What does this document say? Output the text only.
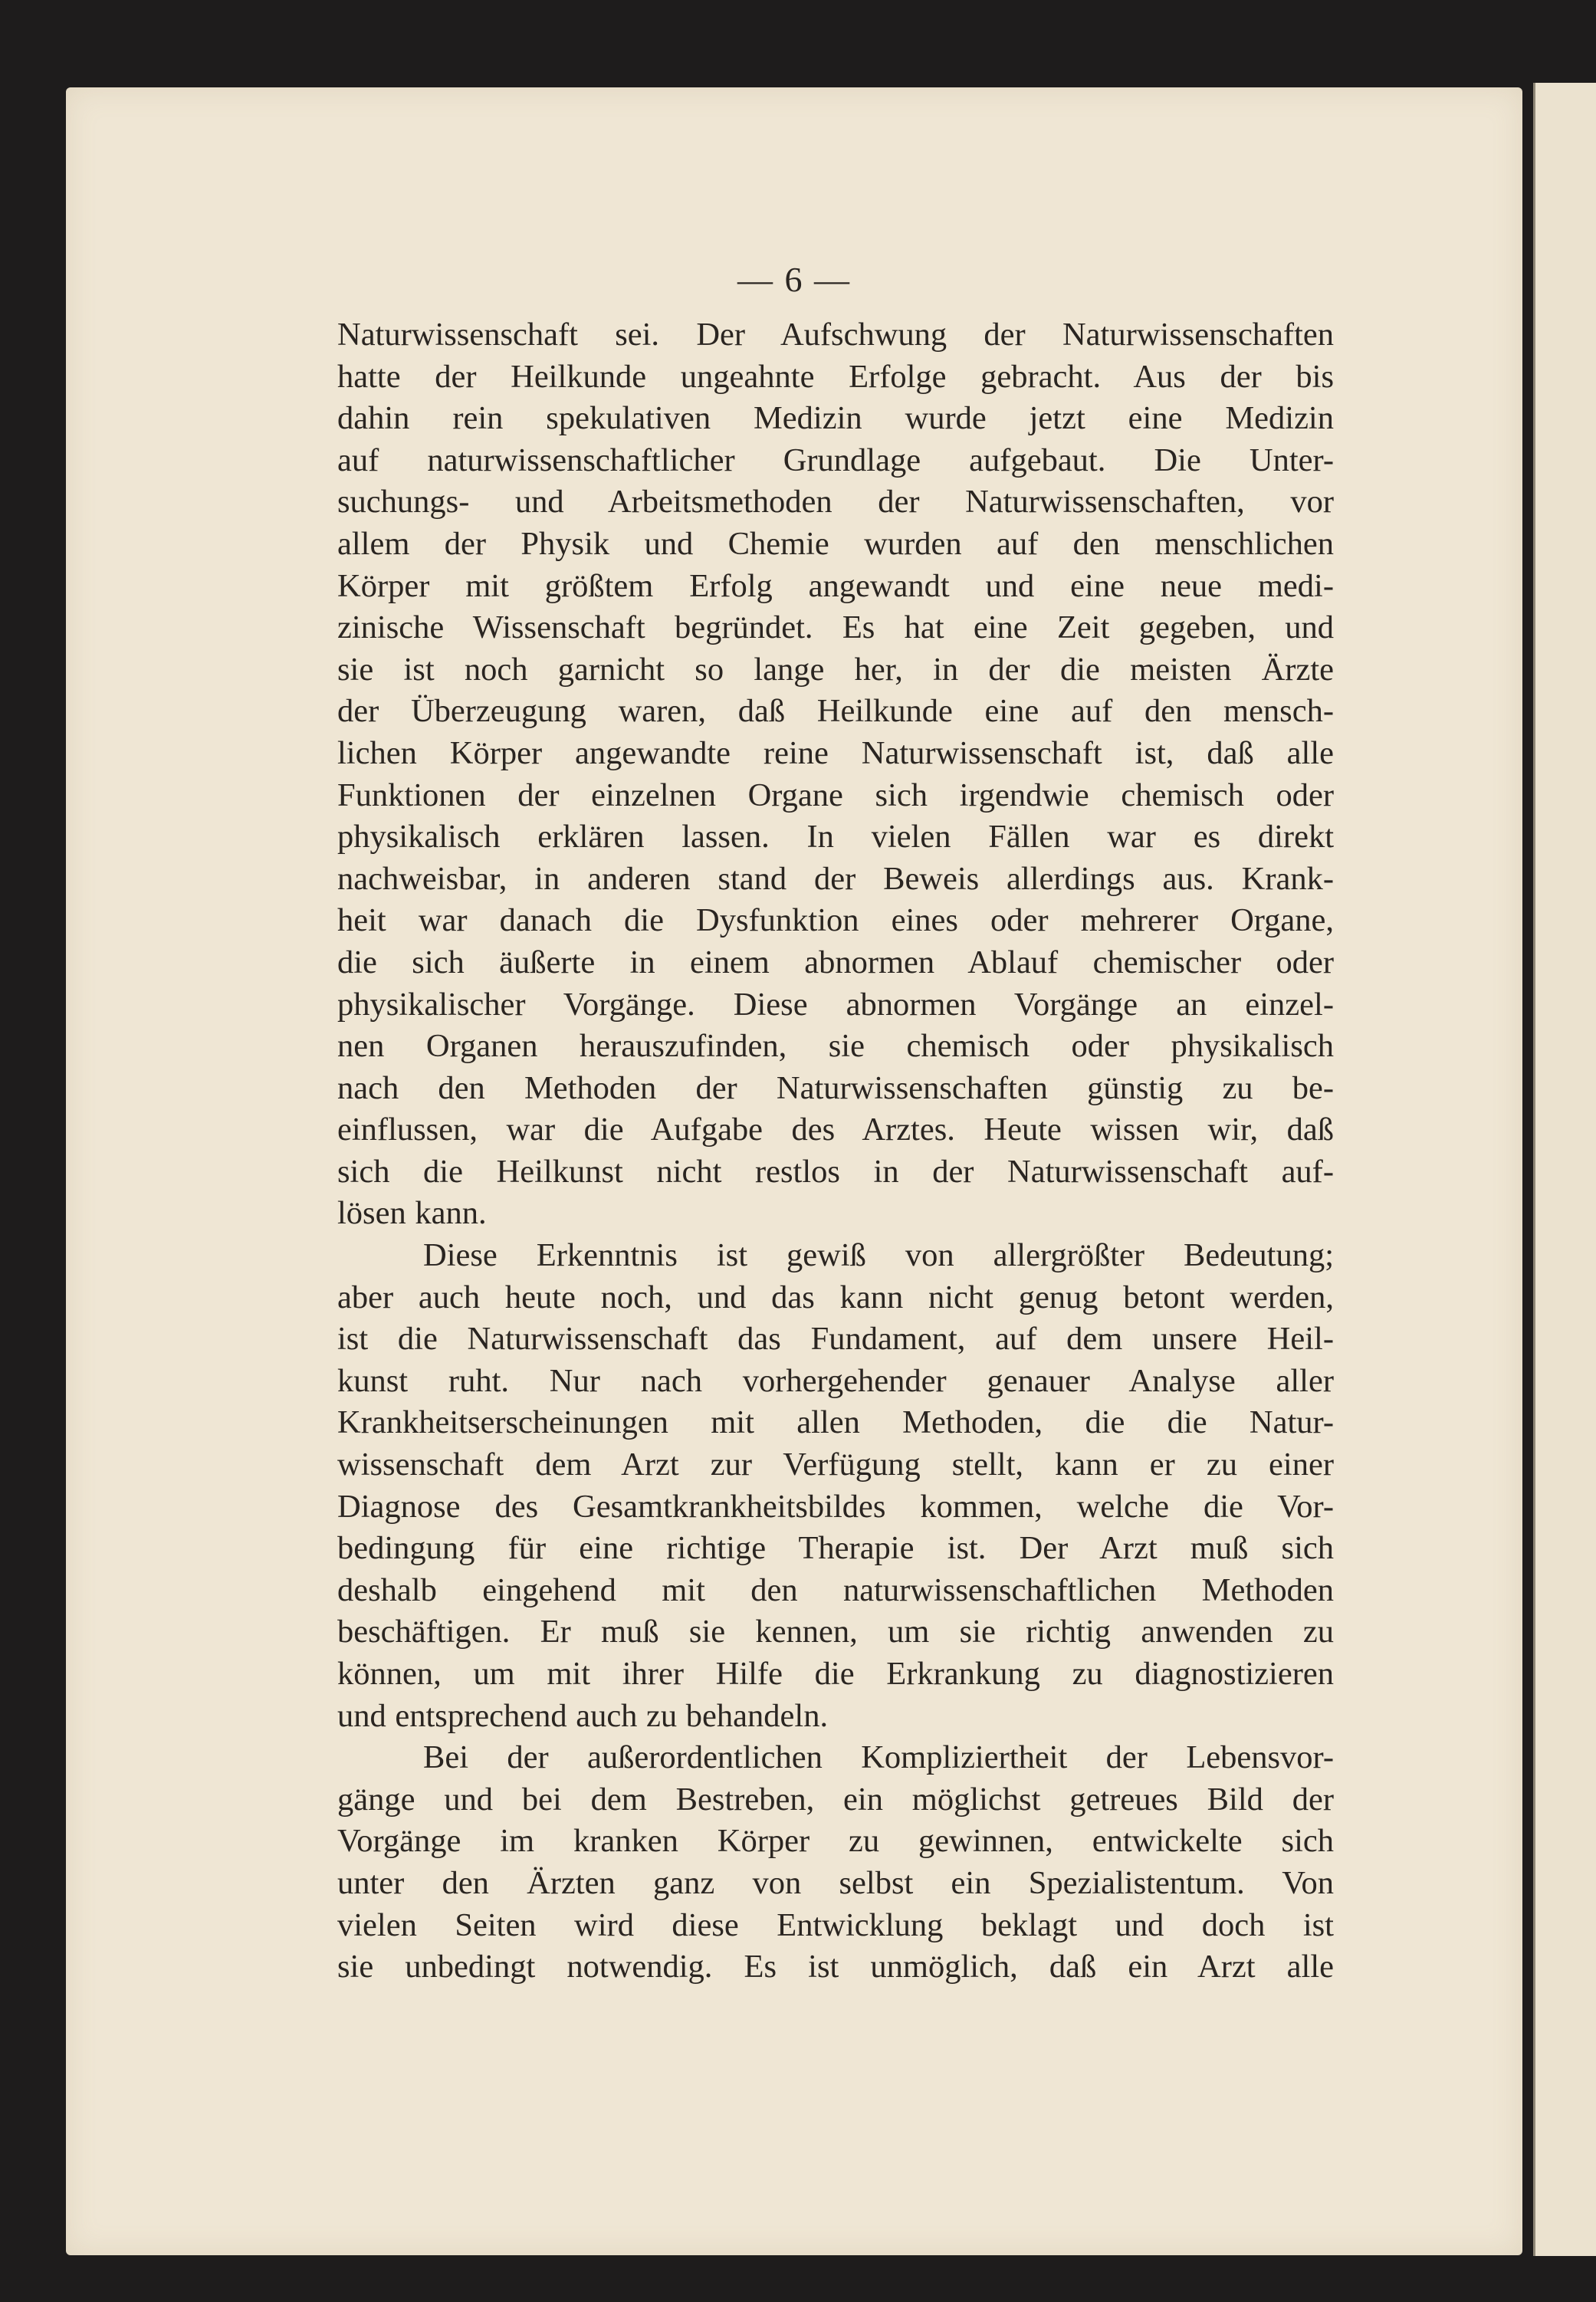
— 6 —
Naturwissenschaft sei. Der Aufschwung der Naturwissenschaften
hatte der Heilkunde ungeahnte Erfolge gebracht. Aus der bis
dahin rein spekulativen Medizin wurde jetzt eine Medizin
auf naturwissenschaftlicher Grundlage aufgebaut. Die Unter-
suchungs- und Arbeitsmethoden der Naturwissenschaften, vor
allem der Physik und Chemie wurden auf den menschlichen
Körper mit größtem Erfolg angewandt und eine neue medi-
zinische Wissenschaft begründet. Es hat eine Zeit gegeben, und
sie ist noch garnicht so lange her, in der die meisten Ärzte
der Überzeugung waren, daß Heilkunde eine auf den mensch-
lichen Körper angewandte reine Naturwissenschaft ist, daß alle
Funktionen der einzelnen Organe sich irgendwie chemisch oder
physikalisch erklären lassen. In vielen Fällen war es direkt
nachweisbar, in anderen stand der Beweis allerdings aus. Krank-
heit war danach die Dysfunktion eines oder mehrerer Organe,
die sich äußerte in einem abnormen Ablauf chemischer oder
physikalischer Vorgänge. Diese abnormen Vorgänge an einzel-
nen Organen herauszufinden, sie chemisch oder physikalisch
nach den Methoden der Naturwissenschaften günstig zu be-
einflussen, war die Aufgabe des Arztes. Heute wissen wir, daß
sich die Heilkunst nicht restlos in der Naturwissenschaft auf-
lösen kann.
Diese Erkenntnis ist gewiß von allergrößter Bedeutung;
aber auch heute noch, und das kann nicht genug betont werden,
ist die Naturwissenschaft das Fundament, auf dem unsere Heil-
kunst ruht. Nur nach vorhergehender genauer Analyse aller
Krankheitserscheinungen mit allen Methoden, die die Natur-
wissenschaft dem Arzt zur Verfügung stellt, kann er zu einer
Diagnose des Gesamtkrankheitsbildes kommen, welche die Vor-
bedingung für eine richtige Therapie ist. Der Arzt muß sich
deshalb eingehend mit den naturwissenschaftlichen Methoden
beschäftigen. Er muß sie kennen, um sie richtig anwenden zu
können, um mit ihrer Hilfe die Erkrankung zu diagnostizieren
und entsprechend auch zu behandeln.
Bei der außerordentlichen Kompliziertheit der Lebensvor-
gänge und bei dem Bestreben, ein möglichst getreues Bild der
Vorgänge im kranken Körper zu gewinnen, entwickelte sich
unter den Ärzten ganz von selbst ein Spezialistentum. Von
vielen Seiten wird diese Entwicklung beklagt und doch ist
sie unbedingt notwendig. Es ist unmöglich, daß ein Arzt alle
